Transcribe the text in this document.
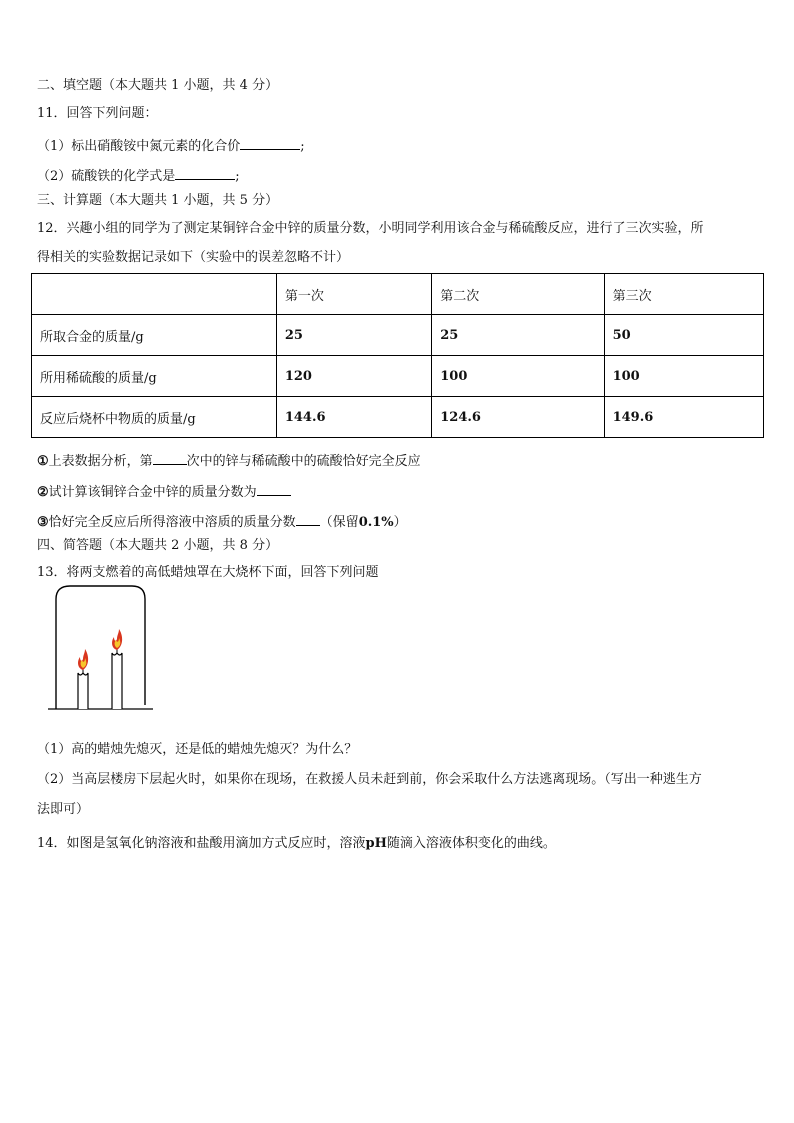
二、填空题（本大题共 1 小题，共 4 分）
11．回答下列问题：
（1）标出硝酸铵中氮元素的化合价	;
（2）硫酸铁的化学式是	;
三、计算题（本大题共 1 小题，共 5 分）
12．兴趣小组的同学为了测定某铜锌合金中锌的质量分数，小明同学利用该合金与稀硫酸反应，进行了三次实验，所
得相关的实验数据记录如下（实验中的误差忽略不计）
	第一次	第二次	第三次
所取合金的质量/g	25	25	50
所用稀硫酸的质量/g	120	100	100
反应后烧杯中物质的质量/g	144.6	124.6	149.6
①上表数据分析，第	次中的锌与稀硫酸中的硫酸恰好完全反应
②试计算该铜锌合金中锌的质量分数为
③恰好完全反应后所得溶液中溶质的质量分数 （保留0.1%）
四、简答题（本大题共 2 小题，共 8 分）
13．将两支燃着的高低蜡烛罩在大烧杯下面，回答下列问题
（1）高的蜡烛先熄灭，还是低的蜡烛先熄灭？为什么？
（2）当高层楼房下层起火时，如果你在现场，在救援人员未赶到前，你会采取什么方法逃离现场。（写出一种逃生方
法即可）
14．如图是氢氧化钠溶液和盐酸用滴加方式反应时，溶液pH随滴入溶液体积变化的曲线。
